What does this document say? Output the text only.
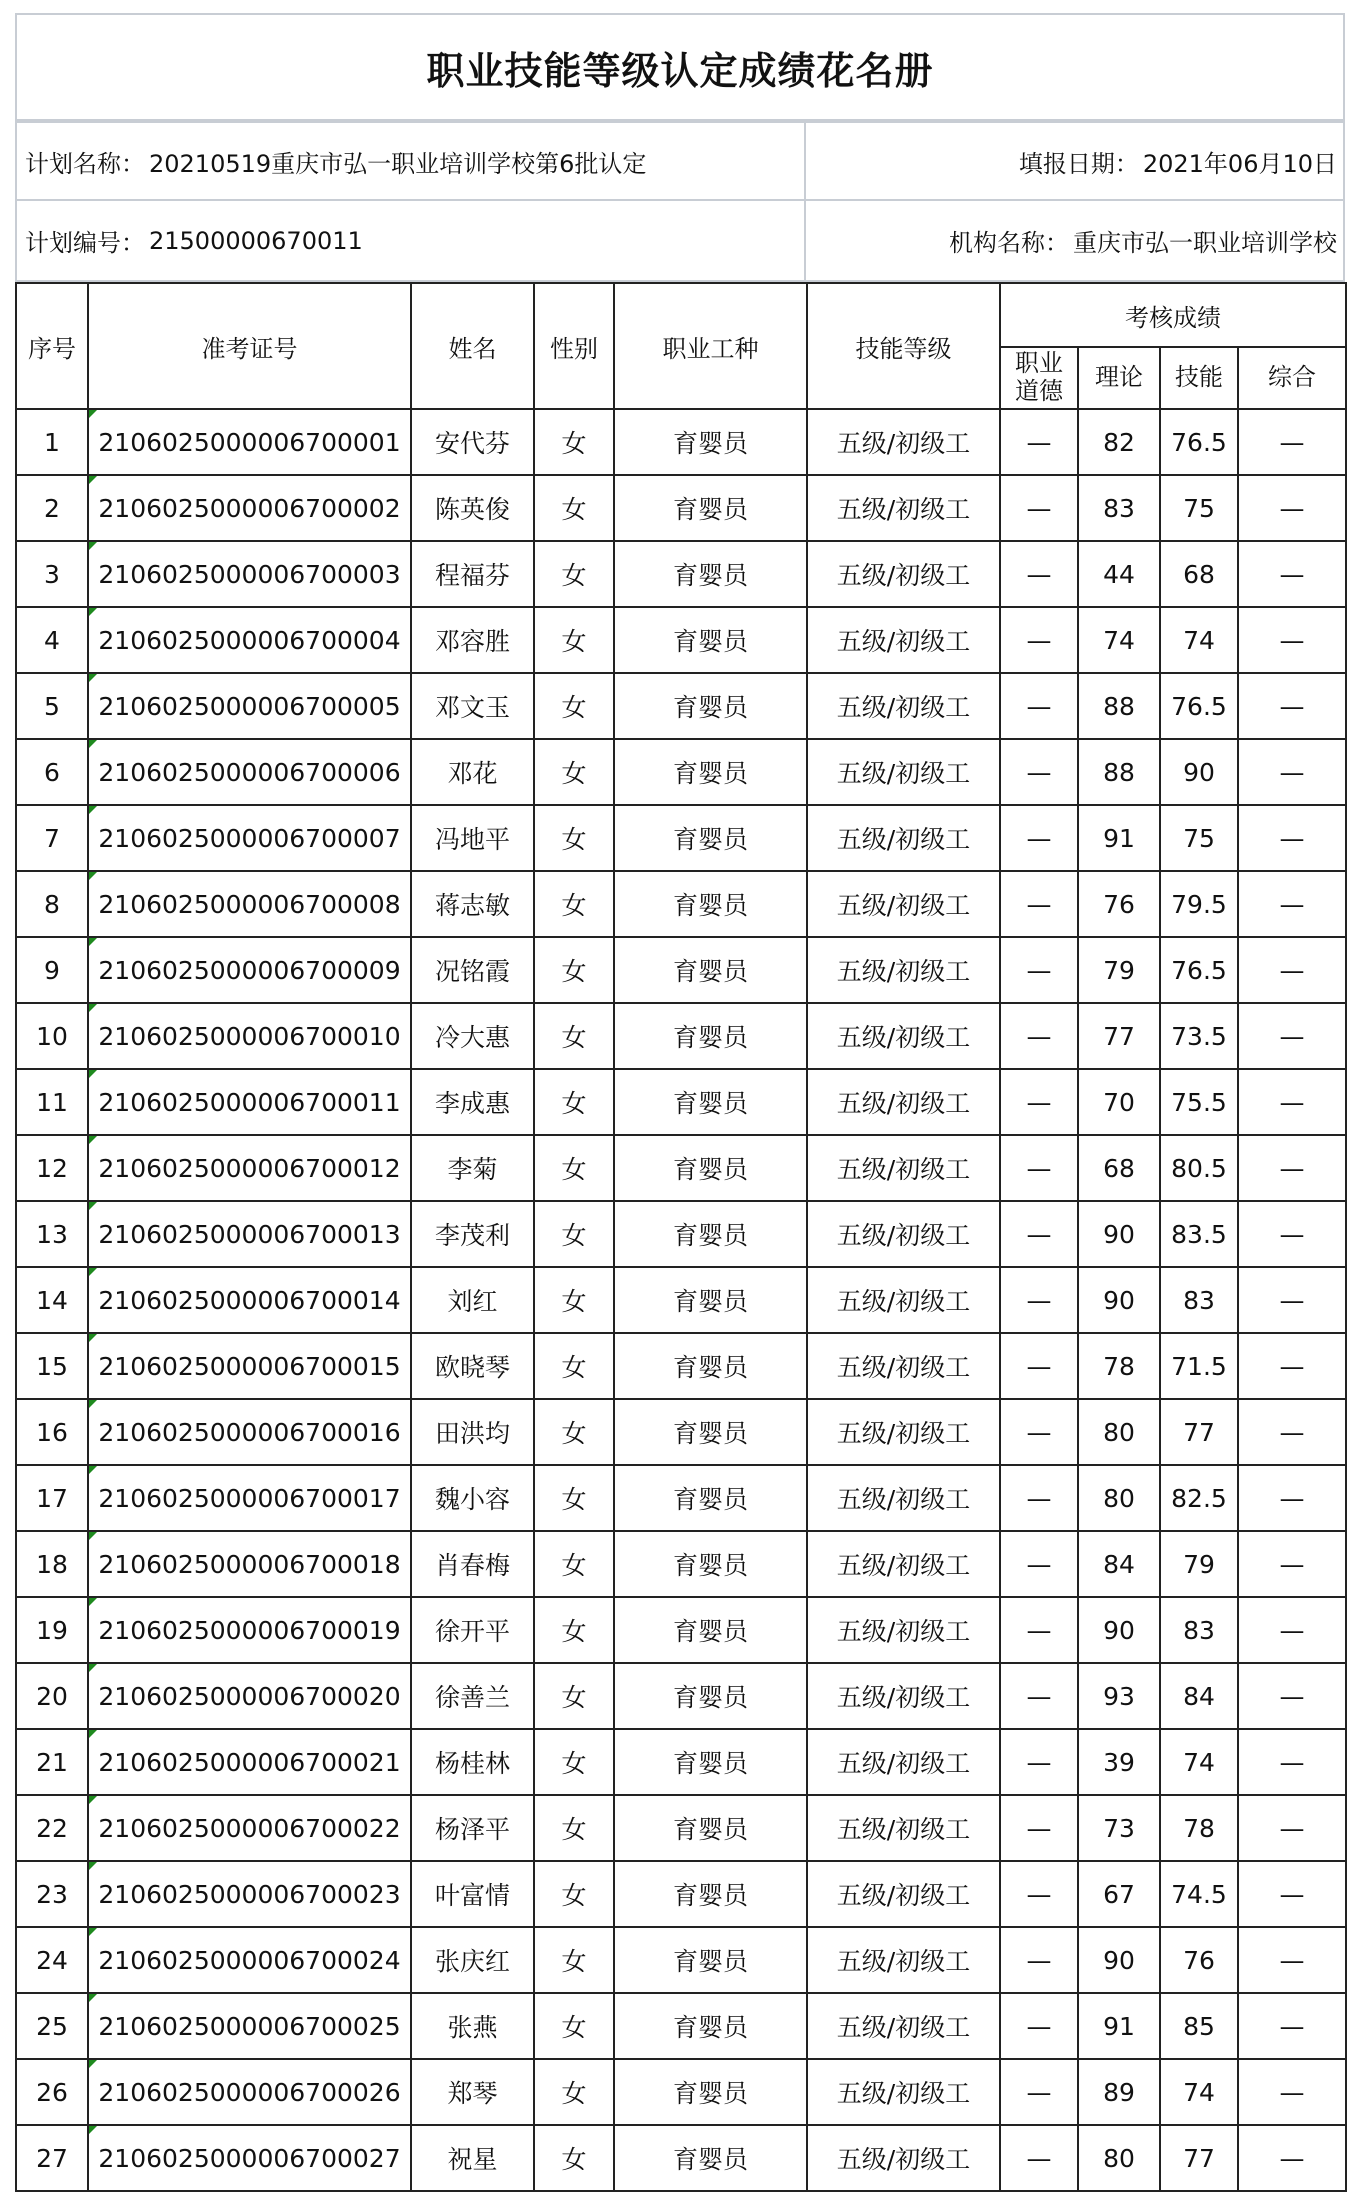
职业技能等级认定成绩花名册
计划名称： 20210519重庆市弘一职业培训学校第6批认定	填报日期： 2021年06月10日
计划编号： 21500000670011	机构名称： 重庆市弘一职业培训学校
序号	准考证号	姓名	性别	职业工种	技能等级	考核成绩			
						职业道德	理论	技能	综合
1	2106025000006700001	安代芬	女	育婴员	五级/初级工	—	82	76.5	—
2	2106025000006700002	陈英俊	女	育婴员	五级/初级工	—	83	75	—
3	2106025000006700003	程福芬	女	育婴员	五级/初级工	—	44	68	—
4	2106025000006700004	邓容胜	女	育婴员	五级/初级工	—	74	74	—
5	2106025000006700005	邓文玉	女	育婴员	五级/初级工	—	88	76.5	—
6	2106025000006700006	邓花	女	育婴员	五级/初级工	—	88	90	—
7	2106025000006700007	冯地平	女	育婴员	五级/初级工	—	91	75	—
8	2106025000006700008	蒋志敏	女	育婴员	五级/初级工	—	76	79.5	—
9	2106025000006700009	况铭霞	女	育婴员	五级/初级工	—	79	76.5	—
10	2106025000006700010	冷大惠	女	育婴员	五级/初级工	—	77	73.5	—
11	2106025000006700011	李成惠	女	育婴员	五级/初级工	—	70	75.5	—
12	2106025000006700012	李菊	女	育婴员	五级/初级工	—	68	80.5	—
13	2106025000006700013	李茂利	女	育婴员	五级/初级工	—	90	83.5	—
14	2106025000006700014	刘红	女	育婴员	五级/初级工	—	90	83	—
15	2106025000006700015	欧晓琴	女	育婴员	五级/初级工	—	78	71.5	—
16	2106025000006700016	田洪均	女	育婴员	五级/初级工	—	80	77	—
17	2106025000006700017	魏小容	女	育婴员	五级/初级工	—	80	82.5	—
18	2106025000006700018	肖春梅	女	育婴员	五级/初级工	—	84	79	—
19	2106025000006700019	徐开平	女	育婴员	五级/初级工	—	90	83	—
20	2106025000006700020	徐善兰	女	育婴员	五级/初级工	—	93	84	—
21	2106025000006700021	杨桂林	女	育婴员	五级/初级工	—	39	74	—
22	2106025000006700022	杨泽平	女	育婴员	五级/初级工	—	73	78	—
23	2106025000006700023	叶富情	女	育婴员	五级/初级工	—	67	74.5	—
24	2106025000006700024	张庆红	女	育婴员	五级/初级工	—	90	76	—
25	2106025000006700025	张燕	女	育婴员	五级/初级工	—	91	85	—
26	2106025000006700026	郑琴	女	育婴员	五级/初级工	—	89	74	—
27	2106025000006700027	祝星	女	育婴员	五级/初级工	—	80	77	—
